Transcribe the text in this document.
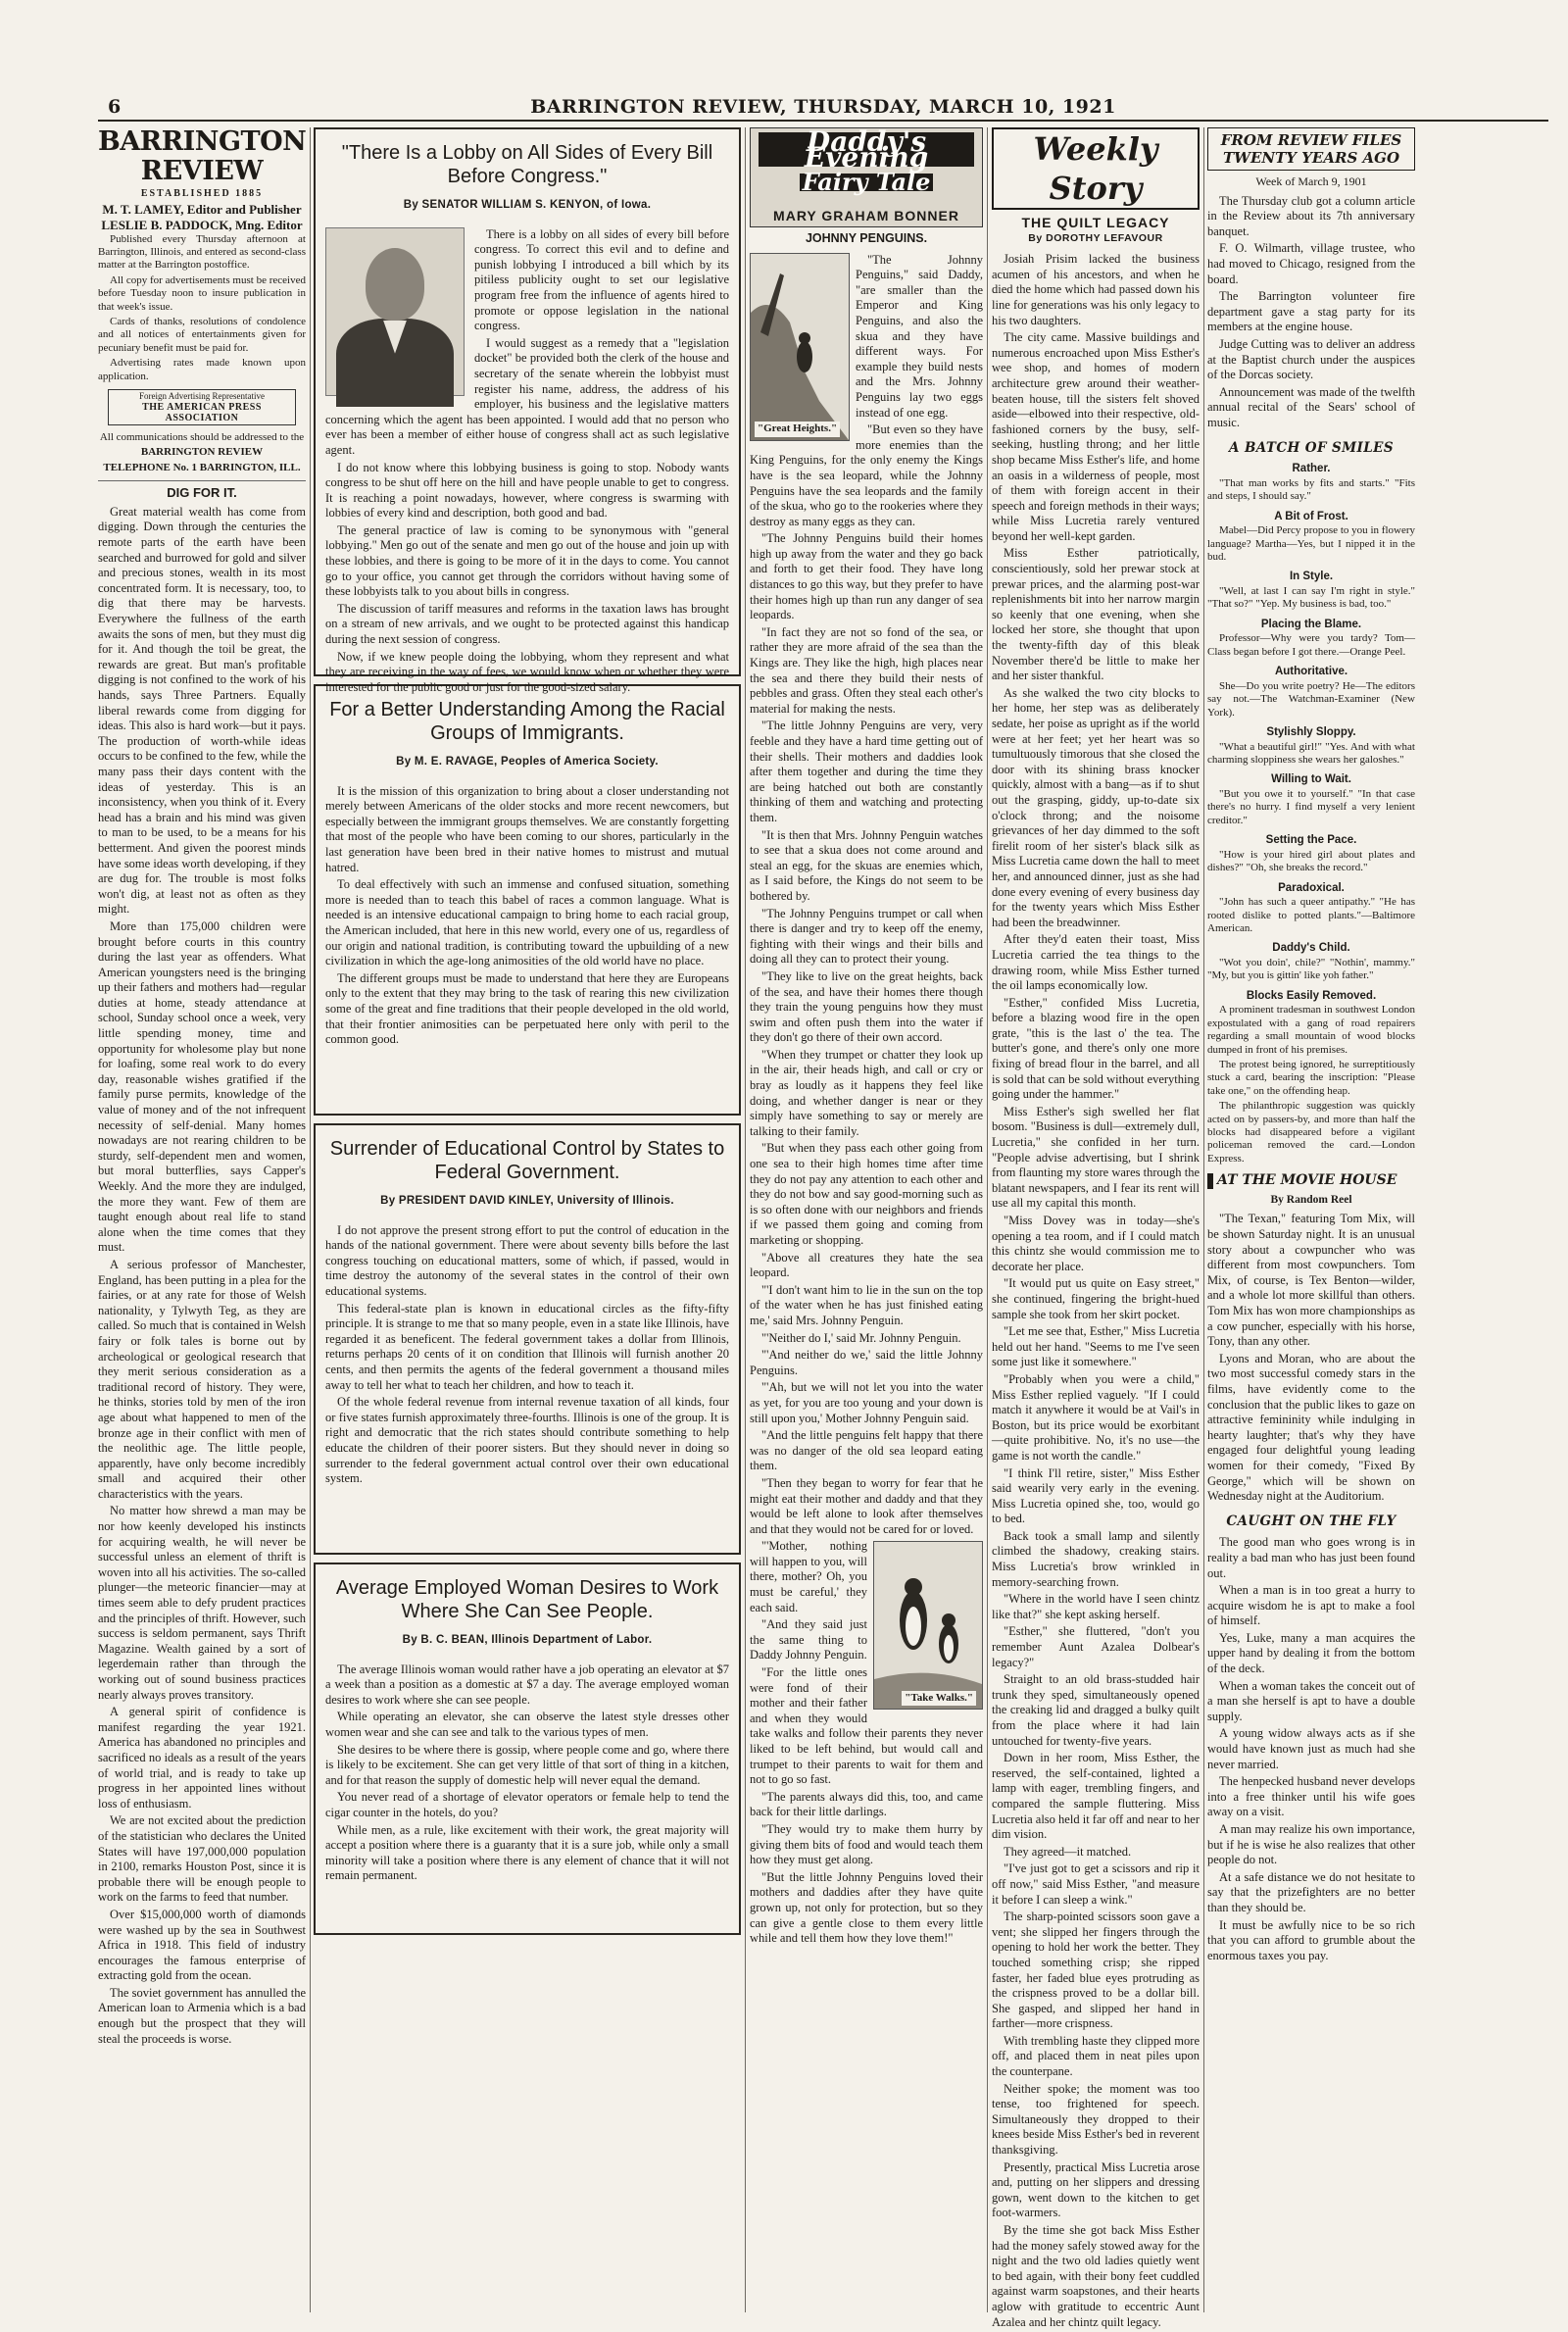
6	BARRINGTON REVIEW, THURSDAY, MARCH 10, 1921
BARRINGTON REVIEW
ESTABLISHED 1885
M. T. LAMEY, Editor and Publisher
LESLIE B. PADDOCK, Mng. Editor

Published every Thursday afternoon at Barrington, Illinois, and entered as second-class matter at the Barrington postoffice.

All copy for advertisements must be received before Tuesday noon to insure publication in that week's issue.

Cards of thanks, resolutions of condolence and all notices of entertainments given for pecuniary benefit must be paid for.

Advertising rates made known upon application.

Foreign Advertising Representative
THE AMERICAN PRESS ASSOCIATION

All communications should be addressed to the

BARRINGTON REVIEW

TELEPHONE No. 1 BARRINGTON, ILL.

DIG FOR IT.

Great material wealth has come from digging. Down through the centuries the remote parts of the earth have been searched and burrowed for gold and silver and precious stones, wealth in its most concentrated form. It is necessary, too, to dig that there may be harvests. Everywhere the fullness of the earth awaits the sons of men, but they must dig for it. And though the toil be great, the rewards are great. But man's profitable digging is not confined to the work of his hands, says Three Partners. Equally liberal rewards come from digging for ideas. This also is hard work—but it pays. The production of worth-while ideas occurs to be confined to the few, while the many pass their days content with the ideas of yesterday. This is an inconsistency, when you think of it. Every head has a brain and his mind was given to man to be used, to be a means for his betterment. And given the poorest minds have some ideas worth developing, if they are dug for. The trouble is most folks won't dig, at least not as often as they might.

More than 175,000 children were brought before courts in this country during the last year as offenders. What American youngsters need is the bringing up their fathers and mothers had—regular duties at home, steady attendance at school, Sunday school once a week, very little spending money, time and opportunity for wholesome play but none for loafing, some real work to do every day, reasonable wishes gratified if the family purse permits, knowledge of the value of money and of the not infrequent necessity of self-denial. Many homes nowadays are not rearing children to be sturdy, self-dependent men and women, but moral butterflies, says Capper's Weekly. And the more they are indulged, the more they want. Few of them are taught enough about real life to stand alone when the time comes that they must.

A serious professor of Manchester, England, has been putting in a plea for the fairies, or at any rate for those of Welsh nationality, y Tylwyth Teg, as they are called. So much that is contained in Welsh fairy or folk tales is borne out by archeological or geological research that they merit serious consideration as a traditional record of history. They were, he thinks, stories told by men of the iron age about what happened to men of the bronze age in their conflict with men of the neolithic age. The little people, apparently, have only become incredibly small and acquired their other characteristics with the years.

No matter how shrewd a man may be nor how keenly developed his instincts for acquiring wealth, he will never be successful unless an element of thrift is woven into all his activities. The so-called plunger—the meteoric financier—may at times seem able to defy prudent practices and the principles of thrift. However, such success is seldom permanent, says Thrift Magazine. Wealth gained by a sort of legerdemain rather than through the working out of sound business practices nearly always proves transitory.

A general spirit of confidence is manifest regarding the year 1921. America has abandoned no principles and sacrificed no ideals as a result of the years of world trial, and is ready to take up progress in her appointed lines without loss of enthusiasm.

We are not excited about the prediction of the statistician who declares the United States will have 197,000,000 population in 2100, remarks Houston Post, since it is probable there will be enough people to work on the farms to feed that number.

Over $15,000,000 worth of diamonds were washed up by the sea in Southwest Africa in 1918. This field of industry encourages the famous enterprise of extracting gold from the ocean.

The soviet government has annulled the American loan to Armenia which is a bad enough but the prospect that they will steal the proceeds is worse.

"There Is a Lobby on All Sides of Every Bill Before Congress."
By SENATOR WILLIAM S. KENYON, of Iowa.

There is a lobby on all sides of every bill before congress. To correct this evil and to define and punish lobbying I introduced a bill which by its pitiless publicity ought to set our legislative program free from the influence of agents hired to promote or oppose legislation in the national congress.

I would suggest as a remedy that a "legislation docket" be provided both the clerk of the house and secretary of the senate wherein the lobbyist must register his name, address, the address of his employer, his business and the legislative matters concerning which the agent has been appointed. I would add that no person who ever has been a member of either house of congress shall act as such legislative agent.

I do not know where this lobbying business is going to stop. Nobody wants congress to be shut off here on the hill and have people unable to get to congress. It is reaching a point nowadays, however, where congress is swarming with lobbies of every kind and description, both good and bad.

The general practice of law is coming to be synonymous with "general lobbying." Men go out of the senate and men go out of the house and join up with these lobbies, and there is going to be more of it in the days to come. You cannot go to your office, you cannot get through the corridors without having some of these lobbyists talk to you about bills in congress.

The discussion of tariff measures and reforms in the taxation laws has brought on a stream of new arrivals, and we ought to be protected against this handicap during the next session of congress.

Now, if we knew people doing the lobbying, whom they represent and what they are receiving in the way of fees, we would know when or whether they were interested for the public good or just for the good-sized salary.

For a Better Understanding Among the Racial Groups of Immigrants.
By M. E. RAVAGE, Peoples of America Society.

It is the mission of this organization to bring about a closer understanding not merely between Americans of the older stocks and more recent newcomers, but especially between the immigrant groups themselves. We are constantly forgetting that most of the people who have been coming to our shores, particularly in the last generation have been bred in their native homes to mistrust and mutual hatred.

To deal effectively with such an immense and confused situation, something more is needed than to teach this babel of races a common language. What is needed is an intensive educational campaign to bring home to each racial group, the American included, that here in this new world, every one of us, regardless of our origin and national tradition, is contributing toward the upbuilding of a new civilization in which the age-long animosities of the old world have no place.

The different groups must be made to understand that here they are Europeans only to the extent that they may bring to the task of rearing this new civilization some of the great and fine traditions that their people developed in the old world, that their frontier animosities can be perpetuated here only with peril to the common good.

Surrender of Educational Control by States to Federal Government.
By PRESIDENT DAVID KINLEY, University of Illinois.

I do not approve the present strong effort to put the control of education in the hands of the national government. There were about seventy bills before the last congress touching on educational matters, some of which, if passed, would in time destroy the autonomy of the several states in the control of their own educational systems.

This federal-state plan is known in educational circles as the fifty-fifty principle. It is strange to me that so many people, even in a state like Illinois, have regarded it as beneficent. The federal government takes a dollar from Illinois, returns perhaps 20 cents of it on condition that Illinois will furnish another 20 cents, and then permits the agents of the federal government a thousand miles away to tell her what to teach her children, and how to teach it.

Of the whole federal revenue from internal revenue taxation of all kinds, four or five states furnish approximately three-fourths. Illinois is one of the group. It is right and democratic that the rich states should contribute something to help educate the children of their poorer sisters. But they should never in doing so surrender to the federal government actual control over their own educational system.

Average Employed Woman Desires to Work Where She Can See People.
By B. C. BEAN, Illinois Department of Labor.

The average Illinois woman would rather have a job operating an elevator at $7 a week than a position as a domestic at $7 a day. The average employed woman desires to work where she can see people.

While operating an elevator, she can observe the latest style dresses other women wear and she can see and talk to the various types of men.

She desires to be where there is gossip, where people come and go, where there is likely to be excitement. She can get very little of that sort of thing in a kitchen, and for that reason the supply of domestic help will never equal the demand.

You never read of a shortage of elevator operators or female help to tend the cigar counter in the hotels, do you?

While men, as a rule, like excitement with their work, the great majority will accept a position where there is a guaranty that it is a sure job, while only a small minority will take a position where there is any element of chance that it will not remain permanent.

Daddy's Evening
Fairy Tale
MARY GRAHAM BONNER
JOHNNY PENGUINS.
"Great Heights."

"The Johnny Penguins," said Daddy, "are smaller than the Emperor and King Penguins, and also the skua and they have different ways. For example they build nests and the Mrs. Johnny Penguins lay two eggs instead of one egg.

"But even so they have more enemies than the King Penguins, for the only enemy the Kings have is the sea leopard, while the Johnny Penguins have the sea leopards and the family of the skua, who go to the rookeries where they destroy as many eggs as they can.

"The Johnny Penguins build their homes high up away from the water and they go back and forth to get their food. They have long distances to go this way, but they prefer to have their homes high up than run any danger of sea leopards.

"In fact they are not so fond of the sea, or rather they are more afraid of the sea than the Kings are. They like the high, high places near the sea and there they build their nests of pebbles and grass. Often they steal each other's material for making the nests.

"The little Johnny Penguins are very, very feeble and they have a hard time getting out of their shells. Their mothers and daddies look after them together and during the time they are being hatched out both are constantly thinking of them and watching and protecting them.

"It is then that Mrs. Johnny Penguin watches to see that a skua does not come around and steal an egg, for the skuas are enemies which, as I said before, the Kings do not seem to be bothered by.

"The Johnny Penguins trumpet or call when there is danger and try to keep off the enemy, fighting with their wings and their bills and doing all they can to protect their young.

"They like to live on the great heights, back of the sea, and have their homes there though they train the young penguins how they must swim and often push them into the water if they don't go there of their own accord.

"When they trumpet or chatter they look up in the air, their heads high, and call or cry or bray as loudly as it happens they feel like doing, and whether danger is near or they simply have something to say or merely are talking to their family.

"But when they pass each other going from one sea to their high homes time after time they do not pay any attention to each other and they do not bow and say good-morning such as is so often done with our neighbors and friends if we passed them going and coming from marketing or shopping.

"Above all creatures they hate the sea leopard.

"'I don't want him to lie in the sun on the top of the water when he has just finished eating me,' said Mrs. Johnny Penguin.

"'Neither do I,' said Mr. Johnny Penguin.

"'And neither do we,' said the little Johnny Penguins.

"'Ah, but we will not let you into the water as yet, for you are too young and your down is still upon you,' Mother Johnny Penguin said.

"And the little penguins felt happy that there was no danger of the old sea leopard eating them.

"Then they began to worry for fear that he might eat their mother and daddy and that they would be left alone to look after themselves and that they would not be cared for or loved.

"Take Walks."

"'Mother, nothing will happen to you, will there, mother? Oh, you must be careful,' they each said.

"And they said just the same thing to Daddy Johnny Penguin.

"For the little ones were fond of their mother and their father and when they would take walks and follow their parents they never liked to be left behind, but would call and trumpet to their parents to wait for them and not to go so fast.

"The parents always did this, too, and came back for their little darlings.

"They would try to make them hurry by giving them bits of food and would teach them how they must get along.

"But the little Johnny Penguins loved their mothers and daddies after they have quite grown up, not only for protection, but so they can give a gentle close to them every little while and tell them how they love them!"

Weekly Story
THE QUILT LEGACY
By DOROTHY LEFAVOUR

Josiah Prisim lacked the business acumen of his ancestors, and when he died the home which had passed down his line for generations was his only legacy to his two daughters.

The city came. Massive buildings and numerous encroached upon Miss Esther's wee shop, and homes of modern architecture grew around their weather-beaten house, till the sisters felt shoved aside—elbowed into their respective, old-fashioned corners by the busy, self-seeking, hustling throng; and her little shop became Miss Esther's life, and home an oasis in a wilderness of people, most of them with foreign accent in their speech and foreign methods in their ways; while Miss Lucretia rarely ventured beyond her well-kept garden.

Miss Esther patriotically, conscientiously, sold her prewar stock at prewar prices, and the alarming post-war replenishments bit into her narrow margin so keenly that one evening, when she locked her store, she thought that upon the twenty-fifth day of this bleak November there'd be little to make her and her sister thankful.

As she walked the two city blocks to her home, her step was as deliberately sedate, her poise as upright as if the world were at her feet; yet her heart was so tumultuously timorous that she closed the door with its shining brass knocker quickly, almost with a bang—as if to shut out the grasping, giddy, up-to-date six o'clock throng; and the noisome grievances of her day dimmed to the soft firelit room of her sister's black silk as Miss Lucretia came down the hall to meet her, and announced dinner, just as she had done every evening of every business day for the twenty years which Miss Esther had been the breadwinner.

After they'd eaten their toast, Miss Lucretia carried the tea things to the drawing room, while Miss Esther turned the oil lamps economically low.

"Esther," confided Miss Lucretia, before a blazing wood fire in the open grate, "this is the last o' the tea. The butter's gone, and there's only one more fixing of bread flour in the barrel, and all is sold that can be sold without everything going under the hammer."

Miss Esther's sigh swelled her flat bosom. "Business is dull—extremely dull, Lucretia," she confided in her turn. "People advise advertising, but I shrink from flaunting my store wares through the blatant newspapers, and I fear its rent will use all my capital this month.

"Miss Dovey was in today—she's opening a tea room, and if I could match this chintz she would commission me to decorate her place.

"It would put us quite on Easy street," she continued, fingering the bright-hued sample she took from her skirt pocket.

"Let me see that, Esther," Miss Lucretia held out her hand. "Seems to me I've seen some just like it somewhere."

"Probably when you were a child," Miss Esther replied vaguely. "If I could match it anywhere it would be at Vail's in Boston, but its price would be exorbitant—quite prohibitive. No, it's no use—the game is not worth the candle."

"I think I'll retire, sister," Miss Esther said wearily very early in the evening. Miss Lucretia opined she, too, would go to bed.

Back took a small lamp and silently climbed the shadowy, creaking stairs. Miss Lucretia's brow wrinkled in memory-searching frown.

"Where in the world have I seen chintz like that?" she kept asking herself.

"Esther," she fluttered, "don't you remember Aunt Azalea Dolbear's legacy?"

Straight to an old brass-studded hair trunk they sped, simultaneously opened the creaking lid and dragged a bulky quilt from the place where it had lain untouched for twenty-five years.

Down in her room, Miss Esther, the reserved, the self-contained, lighted a lamp with eager, trembling fingers, and compared the sample fluttering. Miss Lucretia also held it far off and near to her dim vision.

They agreed—it matched.

"I've just got to get a scissors and rip it off now," said Miss Esther, "and measure it before I can sleep a wink."

The sharp-pointed scissors soon gave a vent; she slipped her fingers through the opening to hold her work the better. They touched something crisp; she ripped faster, her faded blue eyes protruding as the crispness proved to be a dollar bill. She gasped, and slipped her hand in farther—more crispness.

With trembling haste they clipped more off, and placed them in neat piles upon the counterpane.

Neither spoke; the moment was too tense, too frightened for speech. Simultaneously they dropped to their knees beside Miss Esther's bed in reverent thanksgiving.

Presently, practical Miss Lucretia arose and, putting on her slippers and dressing gown, went down to the kitchen to get foot-warmers.

By the time she got back Miss Esther had the money safely stowed away for the night and the two old ladies quietly went to bed again, with their bony feet cuddled against warm soapstones, and their hearts aglow with gratitude to eccentric Aunt Azalea and her chintz quilt legacy.

FROM REVIEW FILES
TWENTY YEARS AGO
Week of March 9, 1901

The Thursday club got a column article in the Review about its 7th anniversary banquet.

F. O. Wilmarth, village trustee, who had moved to Chicago, resigned from the board.

The Barrington volunteer fire department gave a stag party for its members at the engine house.

Judge Cutting was to deliver an address at the Baptist church under the auspices of the Dorcas society.

Announcement was made of the twelfth annual recital of the Sears' school of music.

A BATCH OF SMILES
Rather.

"That man works by fits and starts." "Fits and steps, I should say."

A Bit of Frost.

Mabel—Did Percy propose to you in flowery language? Martha—Yes, but I nipped it in the bud.

In Style.

"Well, at last I can say I'm right in style." "That so?" "Yep. My business is bad, too."

Placing the Blame.

Professor—Why were you tardy? Tom—Class began before I got there.—Orange Peel.

Authoritative.

She—Do you write poetry? He—The editors say not.—The Watchman-Examiner (New York).

Stylishly Sloppy.

"What a beautiful girl!" "Yes. And with what charming sloppiness she wears her galoshes."

Willing to Wait.

"But you owe it to yourself." "In that case there's no hurry. I find myself a very lenient creditor."

Setting the Pace.

"How is your hired girl about plates and dishes?" "Oh, she breaks the record."

Paradoxical.

"John has such a queer antipathy." "He has rooted dislike to potted plants."—Baltimore American.

Daddy's Child.

"Wot you doin', chile?" "Nothin', mammy." "My, but you is gittin' like yoh father."

Blocks Easily Removed.

A prominent tradesman in southwest London expostulated with a gang of road repairers regarding a small mountain of wood blocks dumped in front of his premises.

The protest being ignored, he surreptitiously stuck a card, bearing the inscription: "Please take one," on the offending heap.

The philanthropic suggestion was quickly acted on by passers-by, and more than half the blocks had disappeared before a vigilant policeman removed the card.—London Express.

AT THE MOVIE HOUSE
By Random Reel

"The Texan," featuring Tom Mix, will be shown Saturday night. It is an unusual story about a cowpuncher who was different from most cowpunchers. Tom Mix, of course, is Tex Benton—wilder, and a whole lot more skillful than others. Tom Mix has won more championships as a cow puncher, especially with his horse, Tony, than any other.

Lyons and Moran, who are about the two most successful comedy stars in the films, have evidently come to the conclusion that the public likes to gaze on attractive femininity while indulging in hearty laughter; that's why they have engaged four delightful young leading women for their comedy, "Fixed By George," which will be shown on Wednesday night at the Auditorium.

CAUGHT ON THE FLY

The good man who goes wrong is in reality a bad man who has just been found out.

When a man is in too great a hurry to acquire wisdom he is apt to make a fool of himself.

Yes, Luke, many a man acquires the upper hand by dealing it from the bottom of the deck.

When a woman takes the conceit out of a man she herself is apt to have a double supply.

A young widow always acts as if she would have known just as much had she never married.

The henpecked husband never develops into a free thinker until his wife goes away on a visit.

A man may realize his own importance, but if he is wise he also realizes that other people do not.

At a safe distance we do not hesitate to say that the prizefighters are no better than they should be.

It must be awfully nice to be so rich that you can afford to grumble about the enormous taxes you pay.
